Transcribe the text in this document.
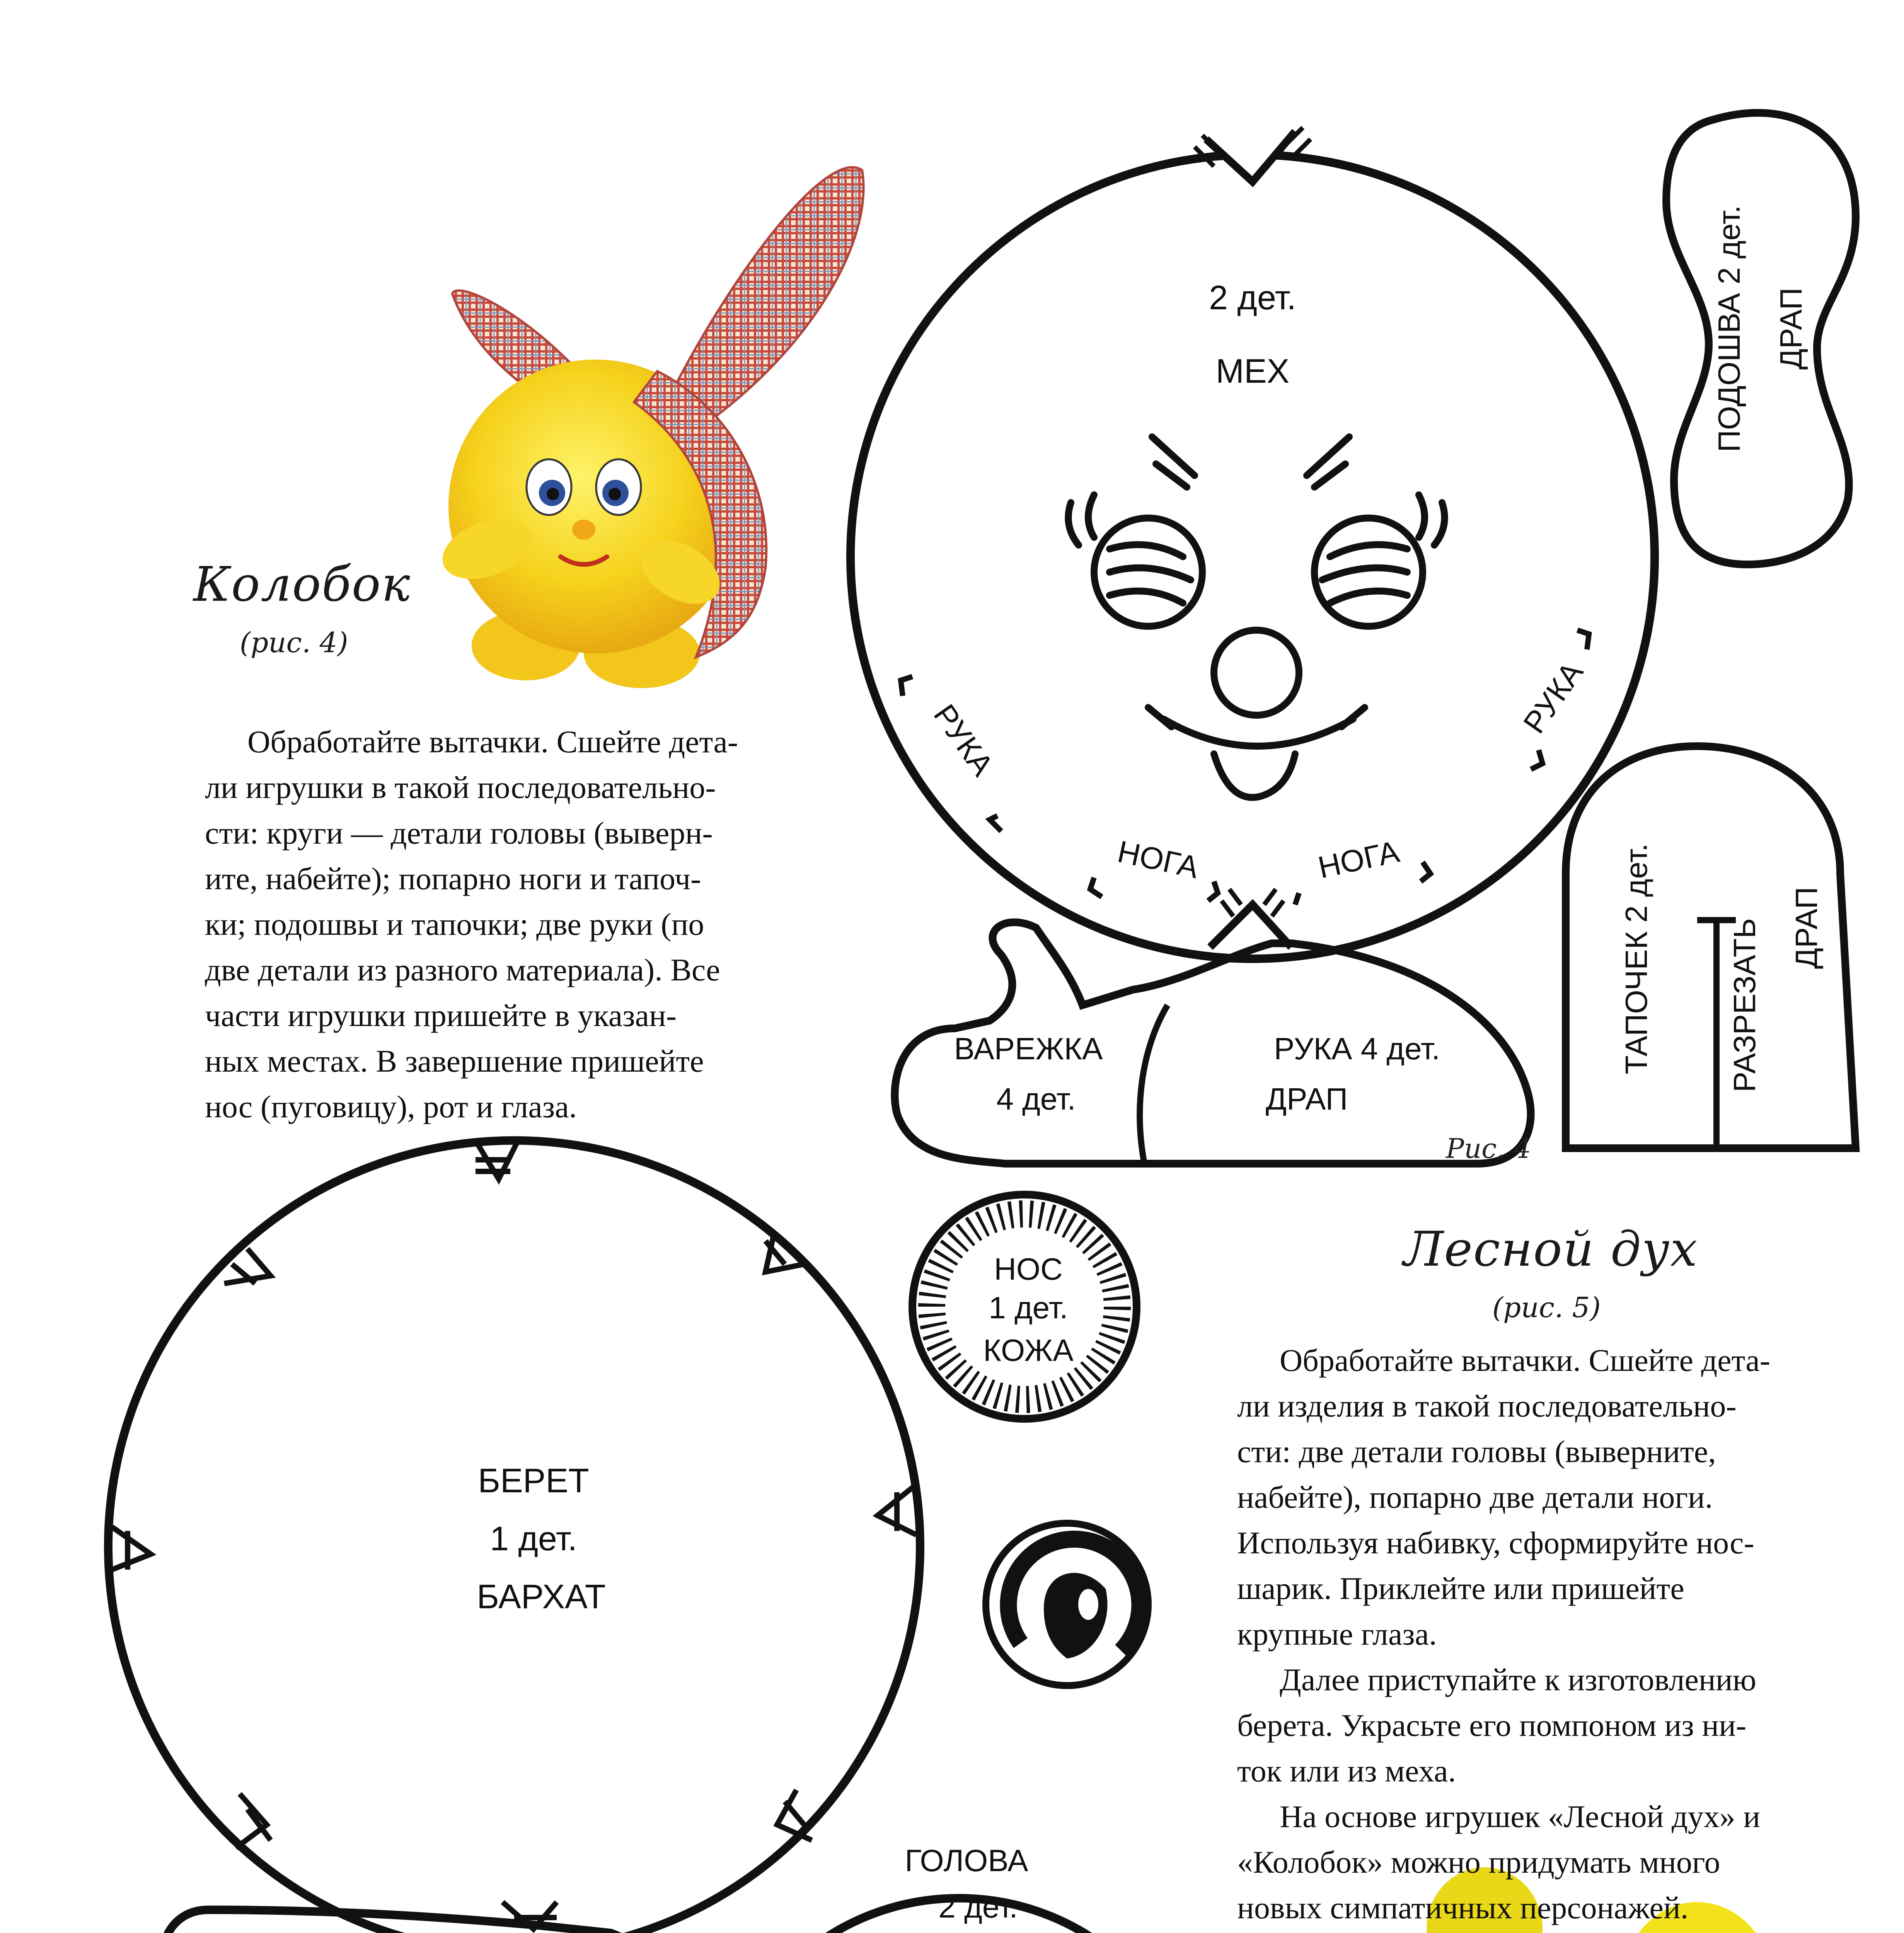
2 дет.
МЕХ
РУКА
РУКА
НОГА	НОГА
ПОДОШВА 2 дет. ДРАП
ТАПОЧЕК 2 дет. РАЗРЕЗАТЬ ДРАП
ВАРЕЖКА
4 дет.
РУКА 4 дет.
ДРАП
БЕРЕТ
1 дет.
БАРХАТ
НОС
1 дет.
КОЖА
ГОЛОВА
2 дет.
Колобок
(рис. 4)

Обработайте вытачки. Сшейте дета-

ли игрушки в такой последовательно-

сти: круги — детали головы (выверн-

ите, набейте); попарно ноги и тапоч-

ки; подошвы и тапочки; две руки (по

две детали из разного материала). Все

части игрушки пришейте в указан-

ных местах. В завершение пришейте

нос (пуговицу), рот и глаза.

Рис. 4
Лесной дух
(рис. 5)

Обработайте вытачки. Сшейте дета-

ли изделия в такой последовательно-

сти: две детали головы (выверните,

набейте), попарно две детали ноги.

Используя набивку, сформируйте нос-

шарик. Приклейте или пришейте

крупные глаза.

Далее приступайте к изготовлению

берета. Украсьте его помпоном из ни-

ток или из меха.

На основе игрушек «Лесной дух» и

«Колобок» можно придумать много

новых симпатичных персонажей.
